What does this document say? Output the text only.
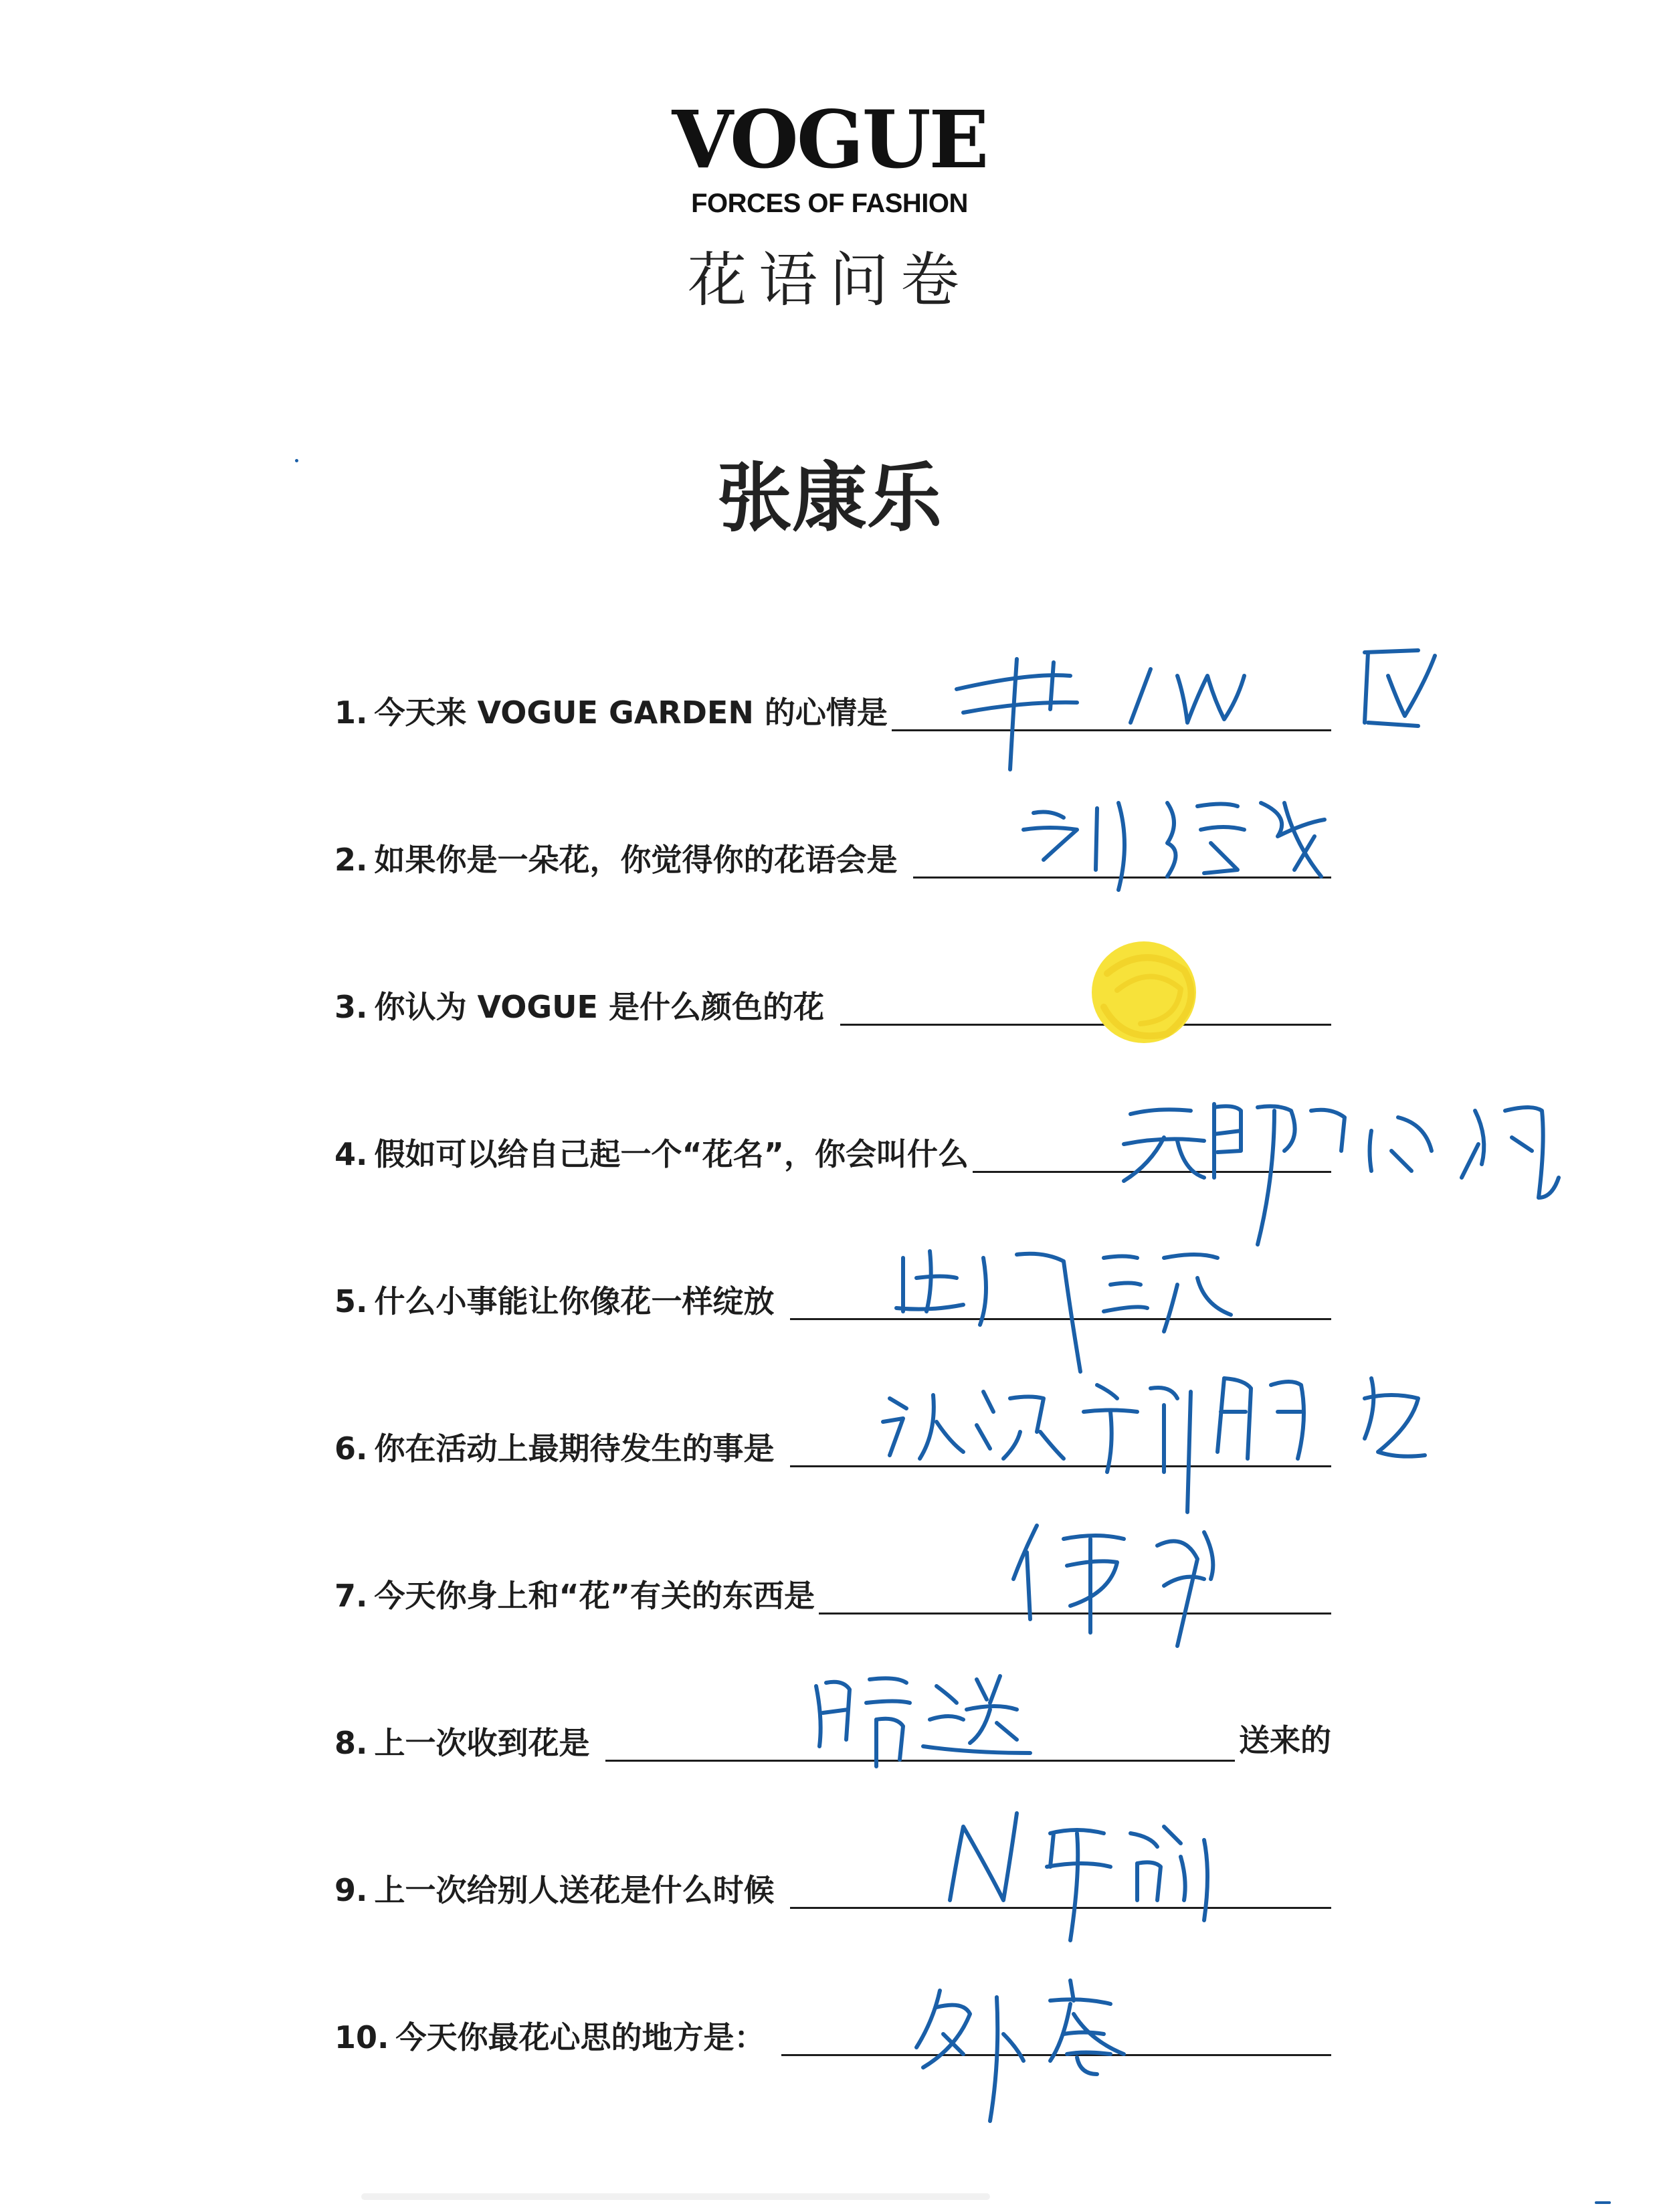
VOGUE
FORCES OF FASHION
花语问卷
张康乐
1. 今天来 VOGUE GARDEN 的心情是
2. 如果你是一朵花，你觉得你的花语会是
3. 你认为 VOGUE 是什么颜色的花
4. 假如可以给自己起一个“花名”，你会叫什么
5. 什么小事能让你像花一样绽放
6. 你在活动上最期待发生的事是
7. 今天你身上和“花”有关的东西是
8. 上一次收到花是	送来的
9. 上一次给别人送花是什么时候
10. 今天你最花心思的地方是：
